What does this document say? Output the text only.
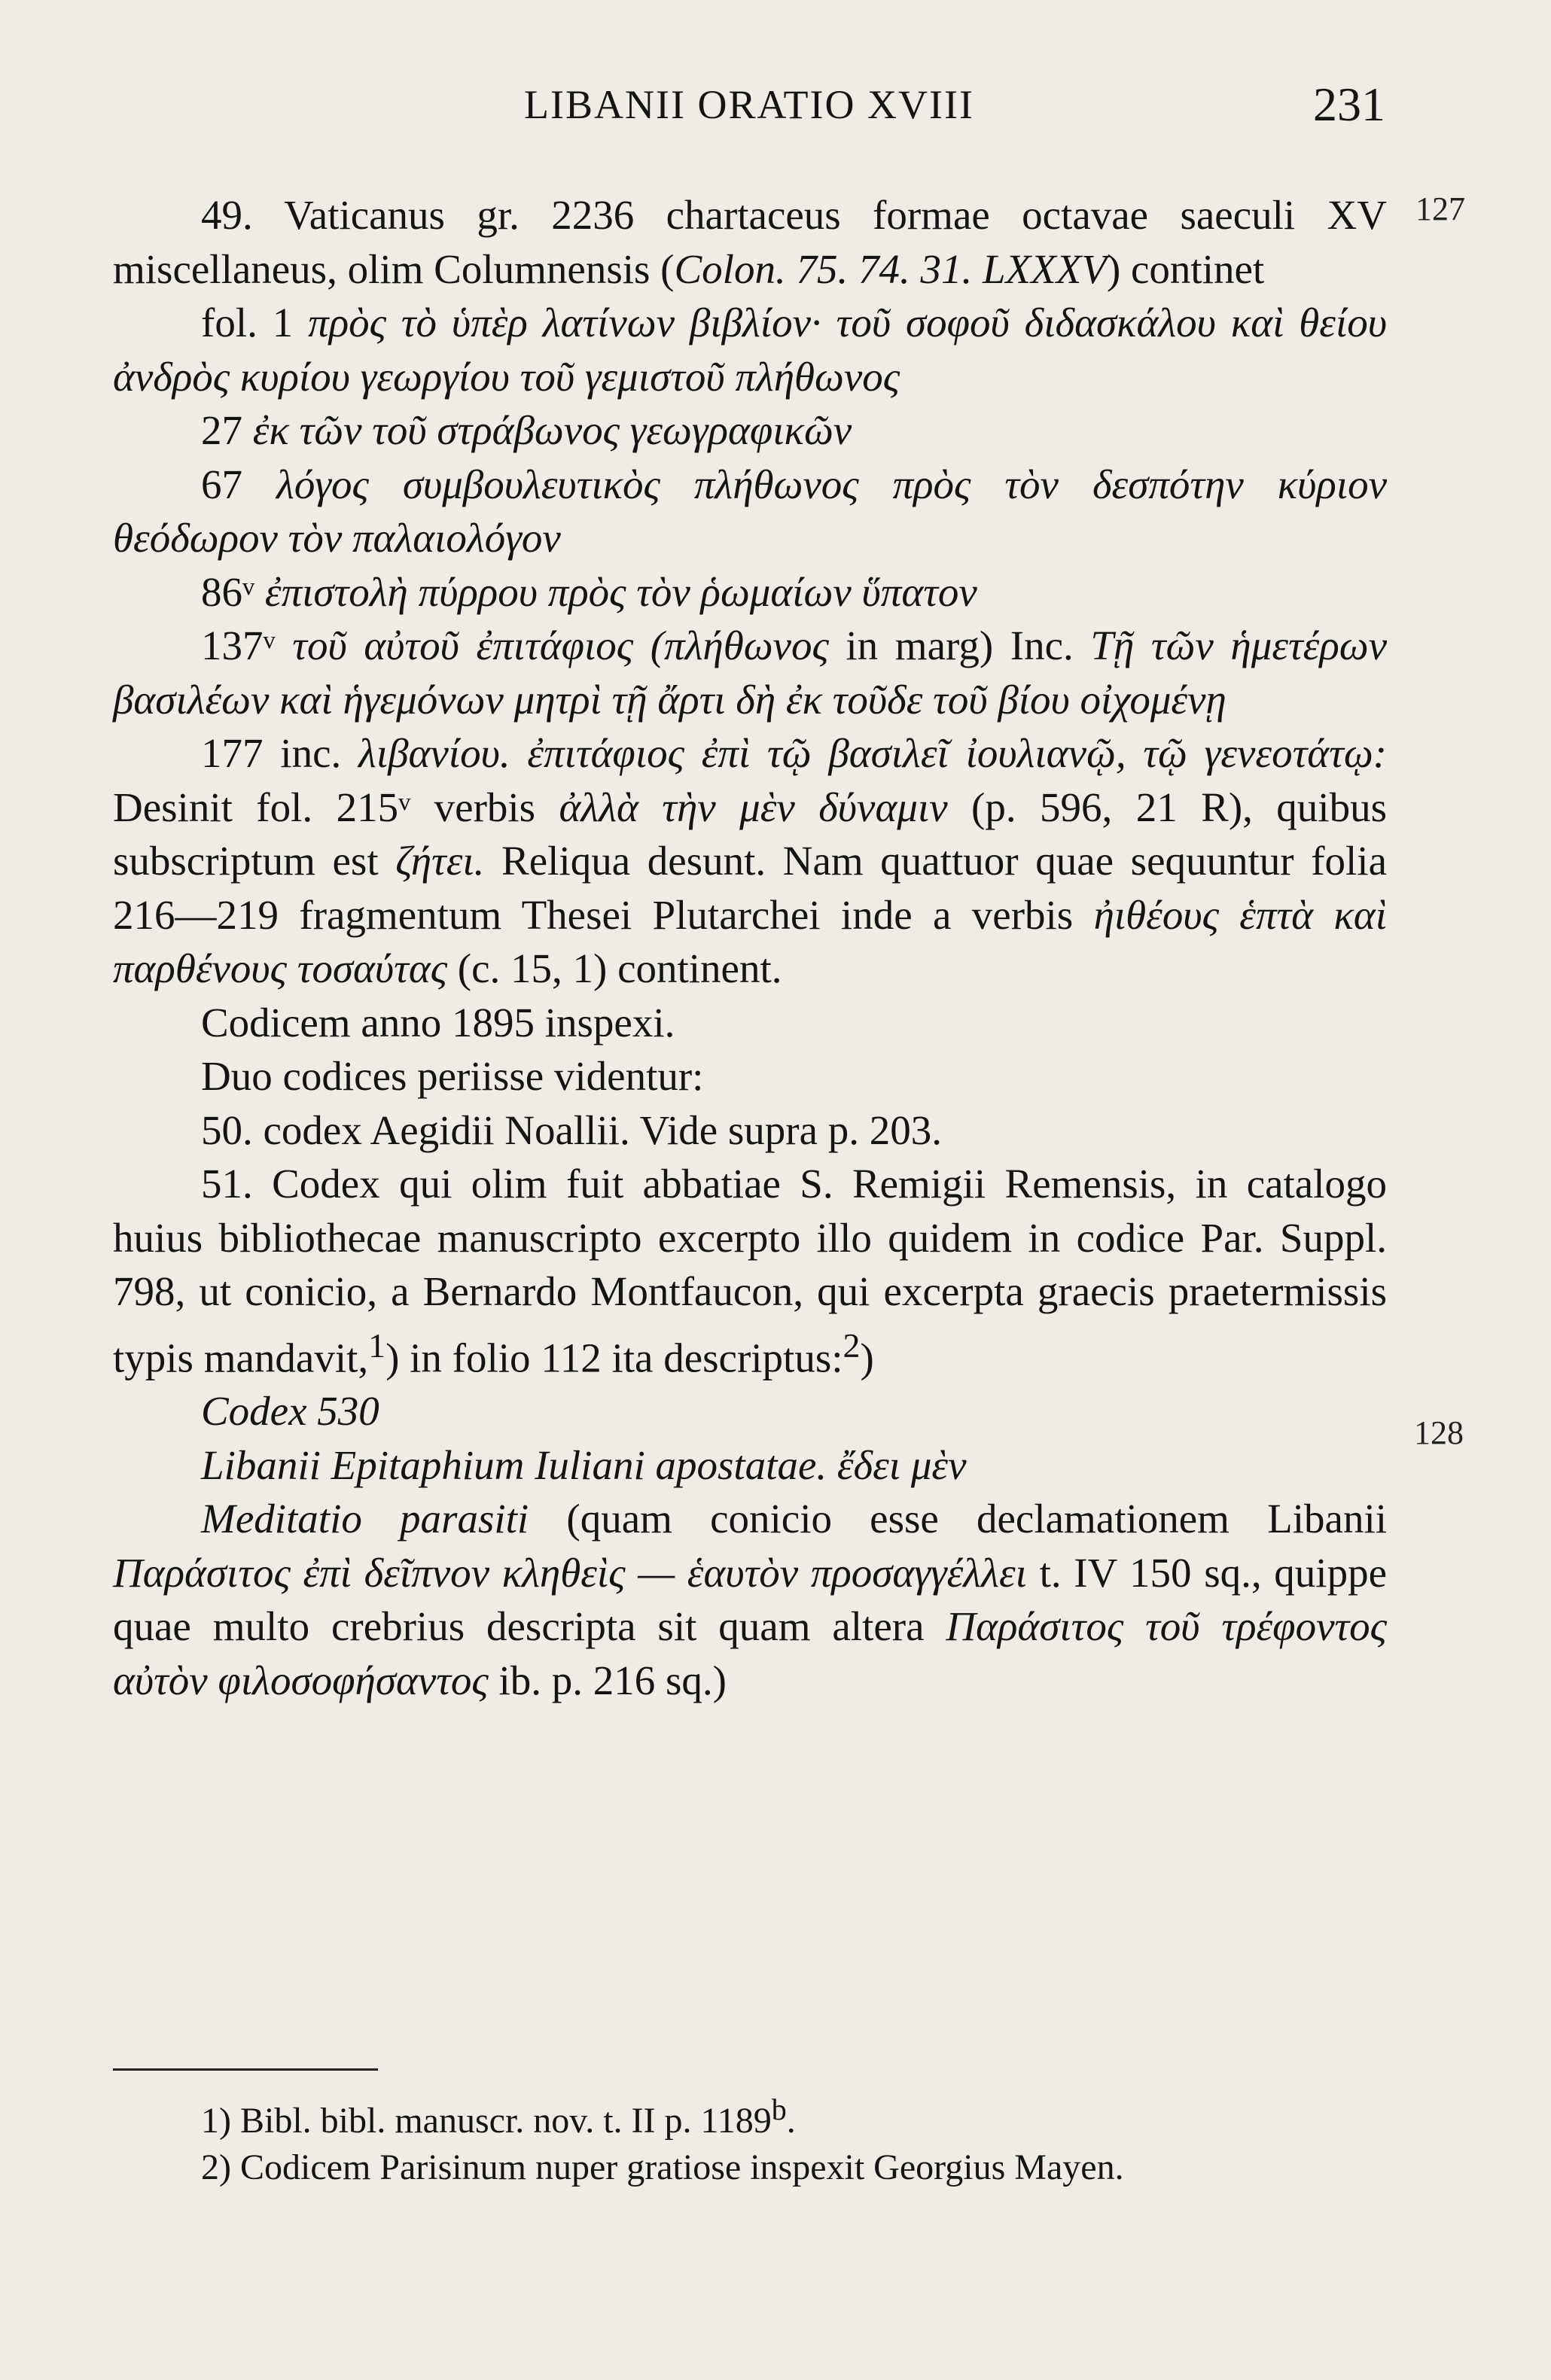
LIBANII ORATIO XVIII	231
127
128

49. Vaticanus gr. 2236 chartaceus formae octavae saeculi XV miscellaneus, olim Columnensis (Colon. 75. 74. 31. LXXXV) continet

fol. 1 πρὸς τὸ ὑπὲρ λατίνων βιβλίον· τοῦ σοφοῦ διδασκάλου καὶ θείου ἀνδρὸς κυρίου γεωργίου τοῦ γεμιστοῦ πλήθωνος

27 ἐκ τῶν τοῦ στράβωνος γεωγραφικῶν

67 λόγος συμβουλευτικὸς πλήθωνος πρὸς τὸν δεσπότην κύριον θεόδωρον τὸν παλαιολόγον

86ᵛ ἐπιστολὴ πύρρου πρὸς τὸν ῥωμαίων ὕπατον

137ᵛ τοῦ αὐτοῦ ἐπιτάφιος (πλήθωνος in marg) Inc. Τῇ τῶν ἡμετέρων βασιλέων καὶ ἡγεμόνων μητρὶ τῇ ἄρτι δὴ ἐκ τοῦδε τοῦ βίου οἰχομένῃ

177 inc. λιβανίου. ἐπιτάφιος ἐπὶ τῷ βασιλεῖ ἰουλιανῷ, τῷ γενεοτάτῳ: Desinit fol. 215ᵛ verbis ἀλλὰ τὴν μὲν δύναμιν (p. 596, 21 R), quibus subscriptum est ζήτει. Reliqua desunt. Nam quattuor quae sequuntur folia 216—219 fragmentum Thesei Plutarchei inde a verbis ἠιθέους ἑπτὰ καὶ παρθένους τοσαύτας (c. 15, 1) continent.

Codicem anno 1895 inspexi.

Duo codices periisse videntur:

50. codex Aegidii Noallii. Vide supra p. 203.

51. Codex qui olim fuit abbatiae S. Remigii Remensis, in catalogo huius bibliothecae manuscripto excerpto illo quidem in codice Par. Suppl. 798, ut conicio, a Bernardo Montfaucon, qui excerpta graecis praetermissis typis mandavit,$^1$) in folio 112 ita descriptus:$^2$)

Codex 530

Libanii Epitaphium Iuliani apostatae. ἔδει μὲν

Meditatio parasiti (quam conicio esse declamationem Libanii Παράσιτος ἐπὶ δεῖπνον κληθεὶς — ἑαυτὸν προσαγγέλλει t. IV 150 sq., quippe quae multo crebrius descripta sit quam altera Παράσιτος τοῦ τρέφοντος αὐτὸν φιλοσοφήσαντος ib. p. 216 sq.)

1) Bibl. bibl. manuscr. nov. t. II p. 1189$^b$.

2) Codicem Parisinum nuper gratiose inspexit Georgius Mayen.
